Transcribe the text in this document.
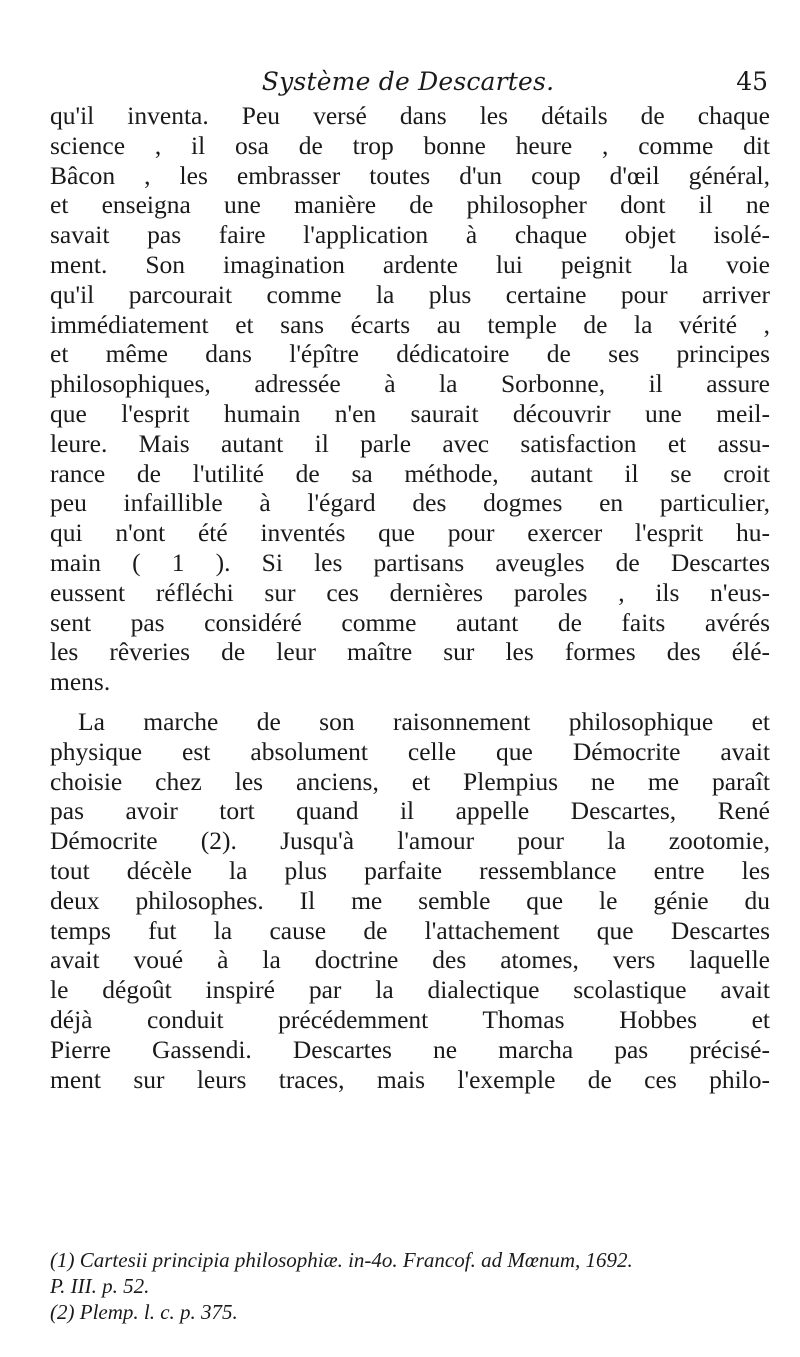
Système de Descartes.	45
qu'il inventa. Peu versé dans les détails de chaque
science , il osa de trop bonne heure , comme dit
Bâcon , les embrasser toutes d'un coup d'œil général,
et enseigna une manière de philosopher dont il ne
savait pas faire l'application à chaque objet isolé-
ment. Son imagination ardente lui peignit la voie
qu'il parcourait comme la plus certaine pour arriver
immédiatement et sans écarts au temple de la vérité ,
et même dans l'épître dédicatoire de ses principes
philosophiques, adressée à la Sorbonne, il assure
que l'esprit humain n'en saurait découvrir une meil-
leure. Mais autant il parle avec satisfaction et assu-
rance de l'utilité de sa méthode, autant il se croit
peu infaillible à l'égard des dogmes en particulier,
qui n'ont été inventés que pour exercer l'esprit hu-
main ( 1 ). Si les partisans aveugles de Descartes
eussent réfléchi sur ces dernières paroles , ils n'eus-
sent pas considéré comme autant de faits avérés
les rêveries de leur maître sur les formes des élé-
mens.
La marche de son raisonnement philosophique et
physique est absolument celle que Démocrite avait
choisie chez les anciens, et Plempius ne me paraît
pas avoir tort quand il appelle Descartes, René
Démocrite (2). Jusqu'à l'amour pour la zootomie,
tout décèle la plus parfaite ressemblance entre les
deux philosophes. Il me semble que le génie du
temps fut la cause de l'attachement que Descartes
avait voué à la doctrine des atomes, vers laquelle
le dégoût inspiré par la dialectique scolastique avait
déjà conduit précédemment Thomas Hobbes et
Pierre Gassendi. Descartes ne marcha pas précisé-
ment sur leurs traces, mais l'exemple de ces philo-
(1) Cartesii principia philosophiæ. in-4o. Francof. ad Mœnum, 1692.
P. III. p. 52.
(2) Plemp. l. c. p. 375.
